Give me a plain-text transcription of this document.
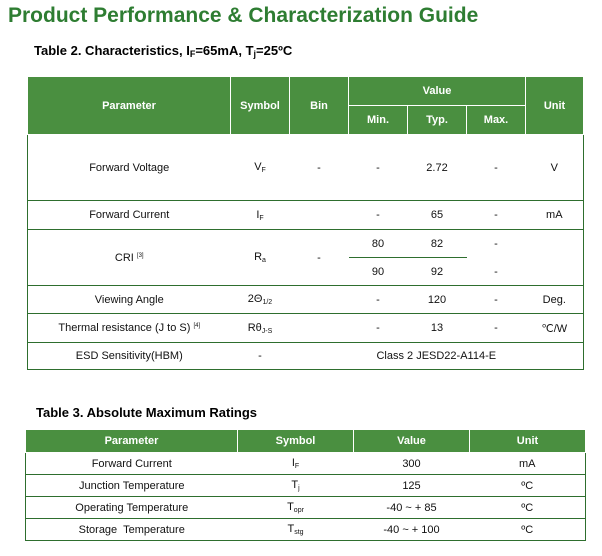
Product Performance & Characterization Guide
Table 2. Characteristics, $I_F=65mA$, $T_j=25ºC$
Parameter	Symbol	Bin	Value			Unit
			Min.	Typ.	Max.	
Forward Voltage	$V_F$	-	-	2.72	-	V
Forward Current	$I_F$		-	65	-	mA
CRI [3]	$R_a$	-	80	82	-	
			90	92	-	
Viewing Angle	$2\Theta_{1/2}$		-	120	-	Deg.
Thermal resistance (J to S) [4]	$R\theta_{J-S}$		-	13	-	℃/W
ESD Sensitivity(HBM)	-	Class 2 JESD22-A114-E				
Table 3. Absolute Maximum Ratings
Parameter	Symbol	Value	Unit
Forward Current	$I_F$	300	mA
Junction Temperature	$T_j$	125	ºC
Operating Temperature	$T_{opr}$	-40 ~ + 85	ºC
Storage  Temperature	$T_{stg}$	-40 ~ + 100	ºC
